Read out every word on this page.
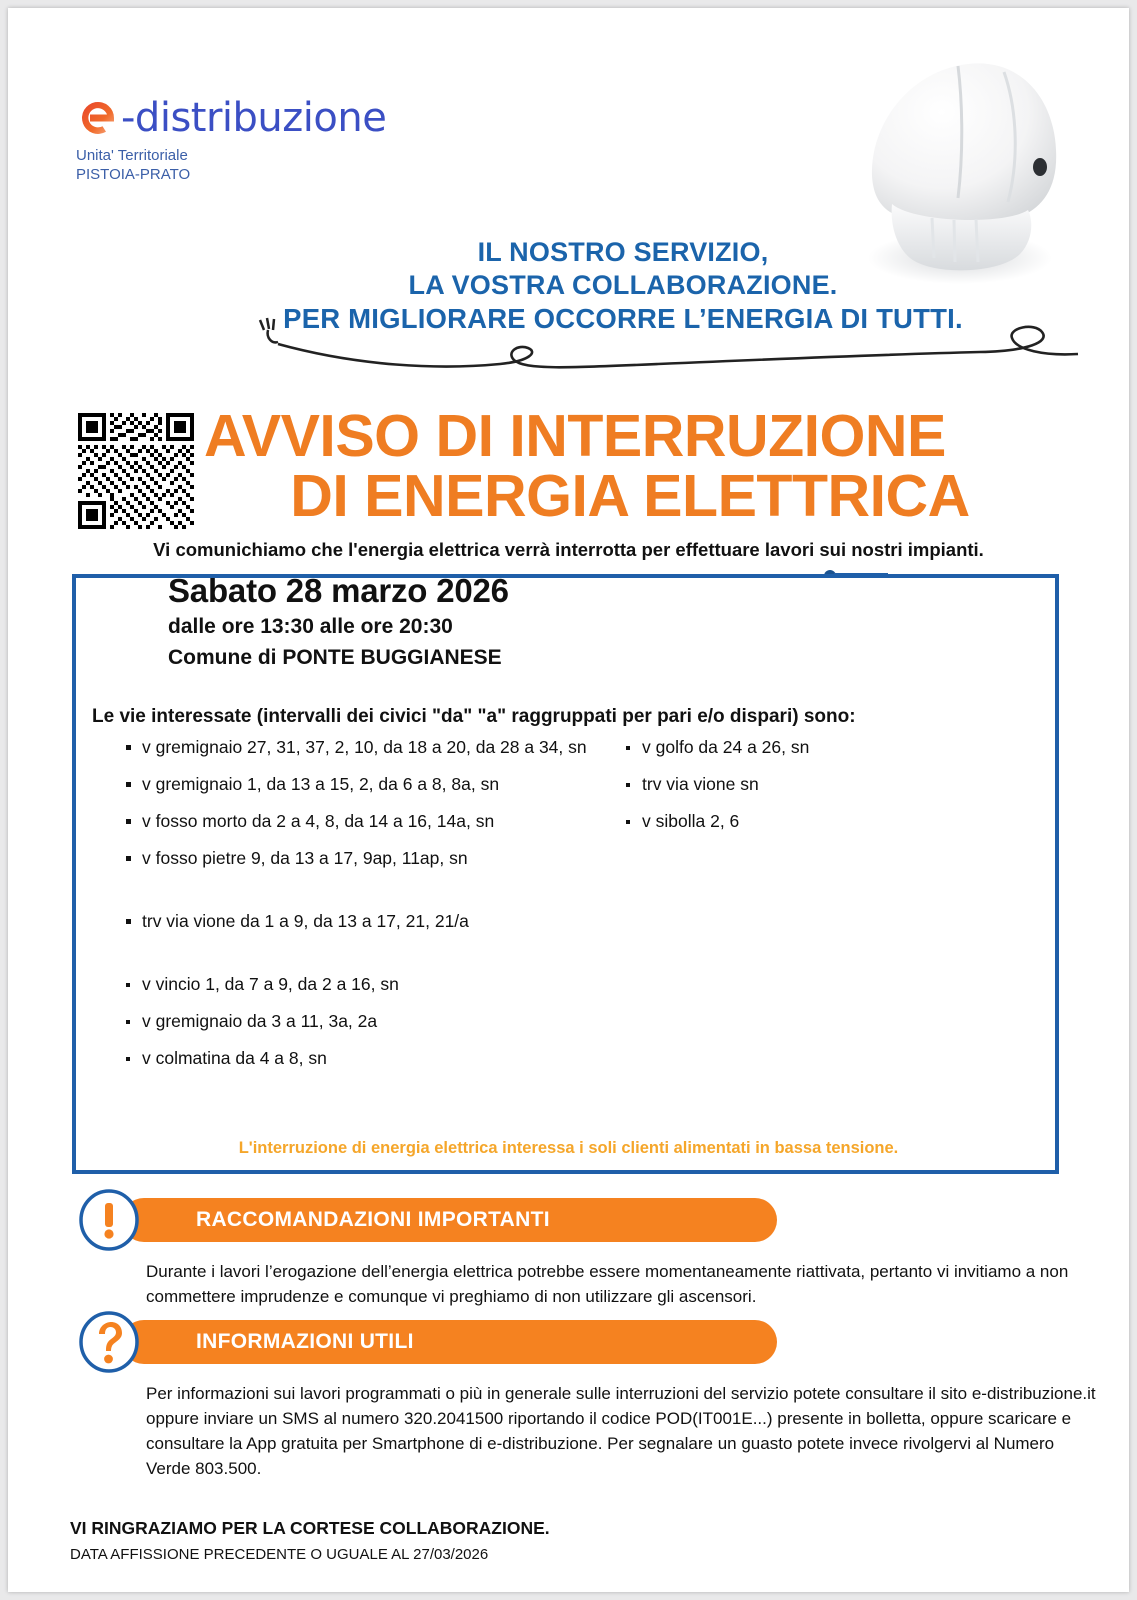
-distribuzione
Unita' Territoriale
PISTOIA-PRATO
IL NOSTRO SERVIZIO,
LA VOSTRA COLLABORAZIONE.
PER MIGLIORARE OCCORRE L’ENERGIA DI TUTTI.
AVVISO DI INTERRUZIONE
DI ENERGIA ELETTRICA
Vi comunichiamo che l'energia elettrica verrà interrotta per effettuare lavori sui nostri impianti.
Sabato 28 marzo 2026
dalle ore 13:30 alle ore 20:30
Comune di PONTE BUGGIANESE
Le vie interessate (intervalli dei civici "da" "a" raggruppati per pari e/o dispari) sono:
v gremignaio 27, 31, 37, 2, 10, da 18 a 20, da 28 a 34, sn
v gremignaio 1, da 13 a 15, 2, da 6 a 8, 8a, sn
v fosso morto da 2 a 4, 8, da 14 a 16, 14a, sn
v fosso pietre 9, da 13 a 17, 9ap, 11ap, sn
trv via vione da 1 a 9, da 13 a 17, 21, 21/a
v vincio 1, da 7 a 9, da 2 a 16, sn
v gremignaio da 3 a 11, 3a, 2a
v colmatina da 4 a 8, sn
v golfo da 24 a 26, sn
trv via vione sn
v sibolla 2, 6
L'interruzione di energia elettrica interessa i soli clienti alimentati in bassa tensione.
RACCOMANDAZIONI IMPORTANTI
Durante i lavori l’erogazione dell’energia elettrica potrebbe essere momentaneamente riattivata, pertanto vi invitiamo a non commettere imprudenze e comunque vi preghiamo di non utilizzare gli ascensori.
INFORMAZIONI UTILI
Per informazioni sui lavori programmati o più in generale sulle interruzioni del servizio potete consultare il sito e-distribuzione.it oppure inviare un SMS al numero 320.2041500 riportando il codice POD(IT001E...) presente in bolletta, oppure scaricare e consultare la App gratuita per Smartphone di e-distribuzione. Per segnalare un guasto potete invece rivolgervi al Numero Verde 803.500.
VI RINGRAZIAMO PER LA CORTESE COLLABORAZIONE.
DATA AFFISSIONE PRECEDENTE O UGUALE AL 27/03/2026
